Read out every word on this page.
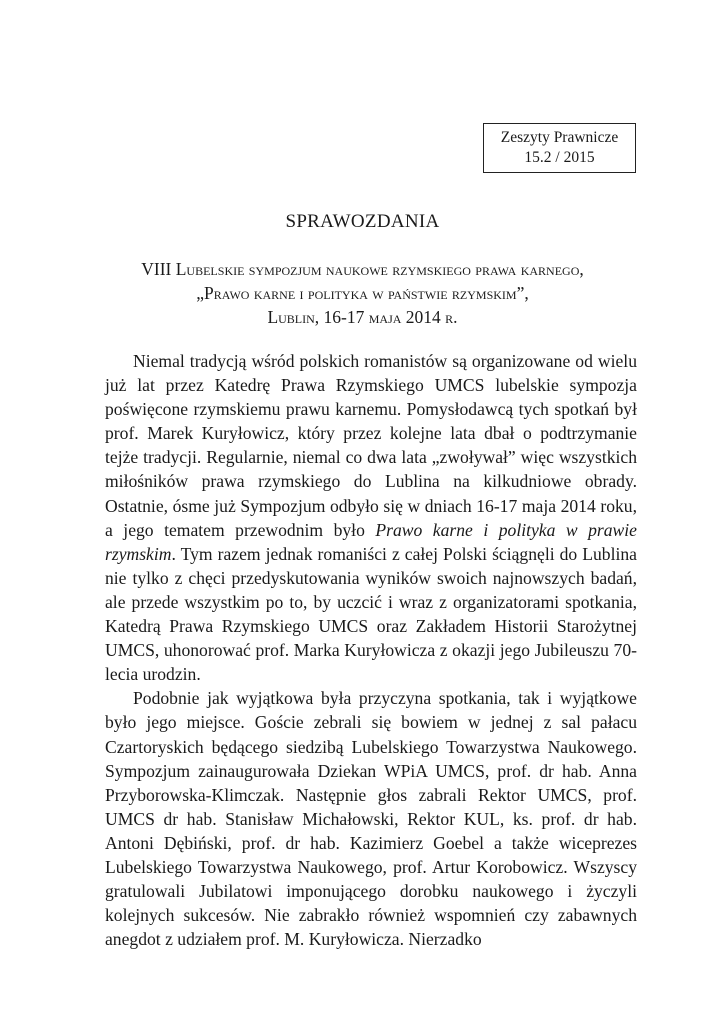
Zeszyty Prawnicze
15.2 / 2015
SPRAWOZDANIA
VIII Lubelskie sympozjum naukowe rzymskiego prawa karnego,
„Prawo karne i polityka w państwie rzymskim”,
Lublin, 16-17 maja 2014 r.

Niemal tradycją wśród polskich romanistów są organizowane od wielu już lat przez Katedrę Prawa Rzymskiego UMCS lubelskie sympozja poświęcone rzymskiemu prawu karnemu. Pomysłodawcą tych spotkań był prof. Marek Kuryłowicz, który przez kolejne lata dbał o podtrzymanie tejże tradycji. Regularnie, niemal co dwa lata „zwoływał” więc wszystkich miłośników prawa rzymskiego do Lublina na kilkudniowe obrady. Ostatnie, ósme już Sympozjum odbyło się w dniach 16-17 maja 2014 roku, a jego tematem przewodnim było Prawo karne i polityka w prawie rzymskim. Tym razem jednak romaniści z całej Polski ściągnęli do Lublina nie tylko z chęci przedyskutowania wyników swoich najnowszych badań, ale przede wszystkim po to, by uczcić i wraz z organizatorami spotkania, Katedrą Prawa Rzymskiego UMCS oraz Zakładem Historii Starożytnej UMCS, uhonorować prof. Marka Kuryłowicza z okazji jego Jubileuszu 70-lecia urodzin.

Podobnie jak wyjątkowa była przyczyna spotkania, tak i wyjątkowe było jego miejsce. Goście zebrali się bowiem w jednej z sal pałacu Czartoryskich będącego siedzibą Lubelskiego Towarzystwa Naukowego. Sympozjum zainaugurowała Dziekan WPiA UMCS, prof. dr hab. Anna Przyborowska-Klimczak. Następnie głos zabrali Rektor UMCS, prof. UMCS dr hab. Stanisław Michałowski, Rektor KUL, ks. prof. dr hab. Antoni Dębiński, prof. dr hab. Kazimierz Goebel a także wiceprezes Lubelskiego Towarzystwa Naukowego, prof. Artur Korobowicz. Wszyscy gratulowali Jubilatowi imponującego dorobku naukowego i życzyli kolejnych sukcesów. Nie zabrakło również wspomnień czy zabawnych anegdot z udziałem prof. M. Kuryłowicza. Nierzadko
